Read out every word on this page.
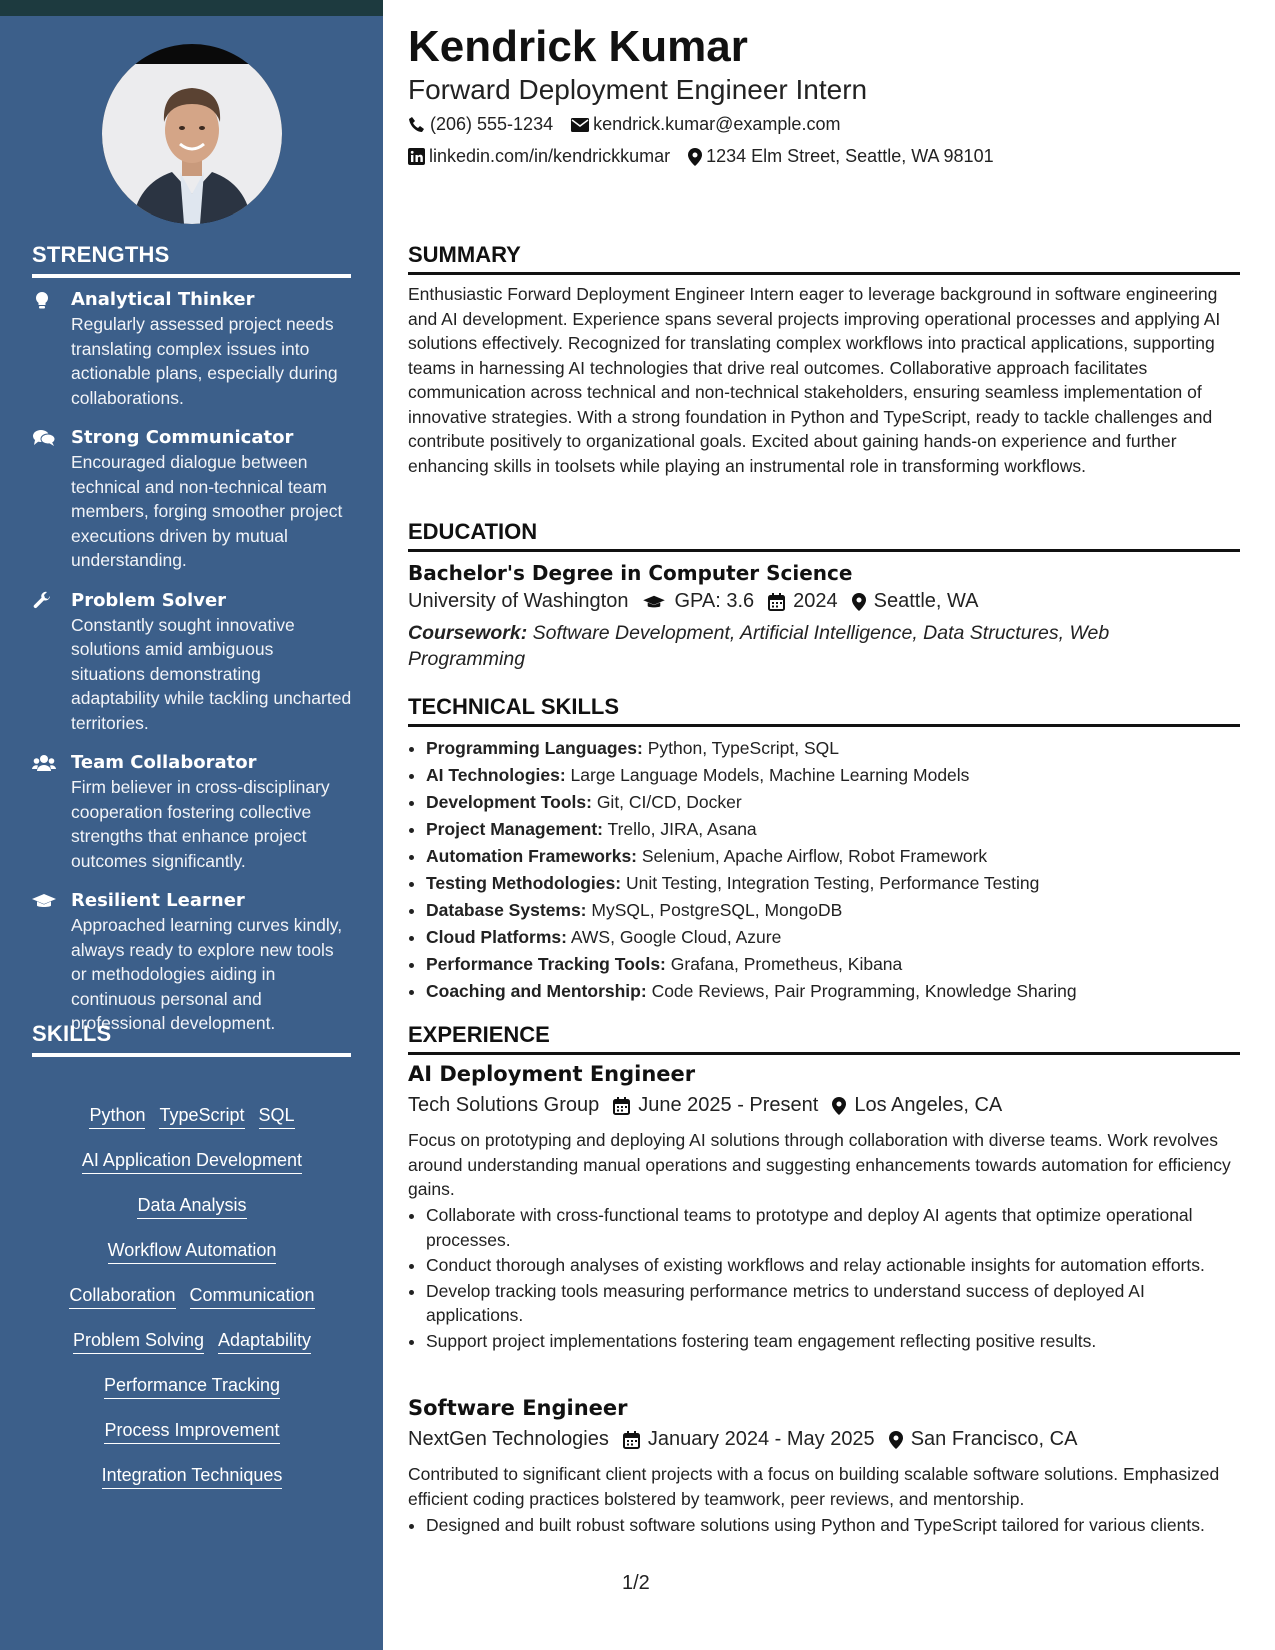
STRENGTHS
Analytical Thinker
Regularly assessed project needs translating complex issues into actionable plans, especially during collaborations.
Strong Communicator
Encouraged dialogue between technical and non-technical team members, forging smoother project executions driven by mutual understanding.
Problem Solver
Constantly sought innovative solutions amid ambiguous situations demonstrating adaptability while tackling uncharted territories.
Team Collaborator
Firm believer in cross-disciplinary cooperation fostering collective strengths that enhance project outcomes significantly.
Resilient Learner
Approached learning curves kindly, always ready to explore new tools or methodologies aiding in continuous personal and professional development.
SKILLS
Python TypeScript SQL
AI Application Development
Data Analysis
Workflow Automation
Collaboration Communication
Problem Solving Adaptability
Performance Tracking
Process Improvement
Integration Techniques
Kendrick Kumar
Forward Deployment Engineer Intern
(206) 555-1234 kendrick.kumar@example.com
linkedin.com/in/kendrickkumar 1234 Elm Street, Seattle, WA 98101
SUMMARY
Enthusiastic Forward Deployment Engineer Intern eager to leverage background in software engineering and AI development. Experience spans several projects improving operational processes and applying AI solutions effectively. Recognized for translating complex workflows into practical applications, supporting teams in harnessing AI technologies that drive real outcomes. Collaborative approach facilitates communication across technical and non-technical stakeholders, ensuring seamless implementation of innovative strategies. With a strong foundation in Python and TypeScript, ready to tackle challenges and contribute positively to organizational goals. Excited about gaining hands-on experience and further enhancing skills in toolsets while playing an instrumental role in transforming workflows.
EDUCATION
Bachelor's Degree in Computer Science
University of Washington GPA: 3.6 2024 Seattle, WA
Coursework: Software Development, Artificial Intelligence, Data Structures, Web Programming
TECHNICAL SKILLS
• Programming Languages: Python, TypeScript, SQL
• AI Technologies: Large Language Models, Machine Learning Models
• Development Tools: Git, CI/CD, Docker
• Project Management: Trello, JIRA, Asana
• Automation Frameworks: Selenium, Apache Airflow, Robot Framework
• Testing Methodologies: Unit Testing, Integration Testing, Performance Testing
• Database Systems: MySQL, PostgreSQL, MongoDB
• Cloud Platforms: AWS, Google Cloud, Azure
• Performance Tracking Tools: Grafana, Prometheus, Kibana
• Coaching and Mentorship: Code Reviews, Pair Programming, Knowledge Sharing
EXPERIENCE
AI Deployment Engineer
Tech Solutions Group June 2025 - Present Los Angeles, CA
Focus on prototyping and deploying AI solutions through collaboration with diverse teams. Work revolves around understanding manual operations and suggesting enhancements towards automation for efficiency gains.
• Collaborate with cross-functional teams to prototype and deploy AI agents that optimize operational processes.
• Conduct thorough analyses of existing workflows and relay actionable insights for automation efforts.
• Develop tracking tools measuring performance metrics to understand success of deployed AI applications.
• Support project implementations fostering team engagement reflecting positive results.
Software Engineer
NextGen Technologies January 2024 - May 2025 San Francisco, CA
Contributed to significant client projects with a focus on building scalable software solutions. Emphasized efficient coding practices bolstered by teamwork, peer reviews, and mentorship.
• Designed and built robust software solutions using Python and TypeScript tailored for various clients.
1/2
